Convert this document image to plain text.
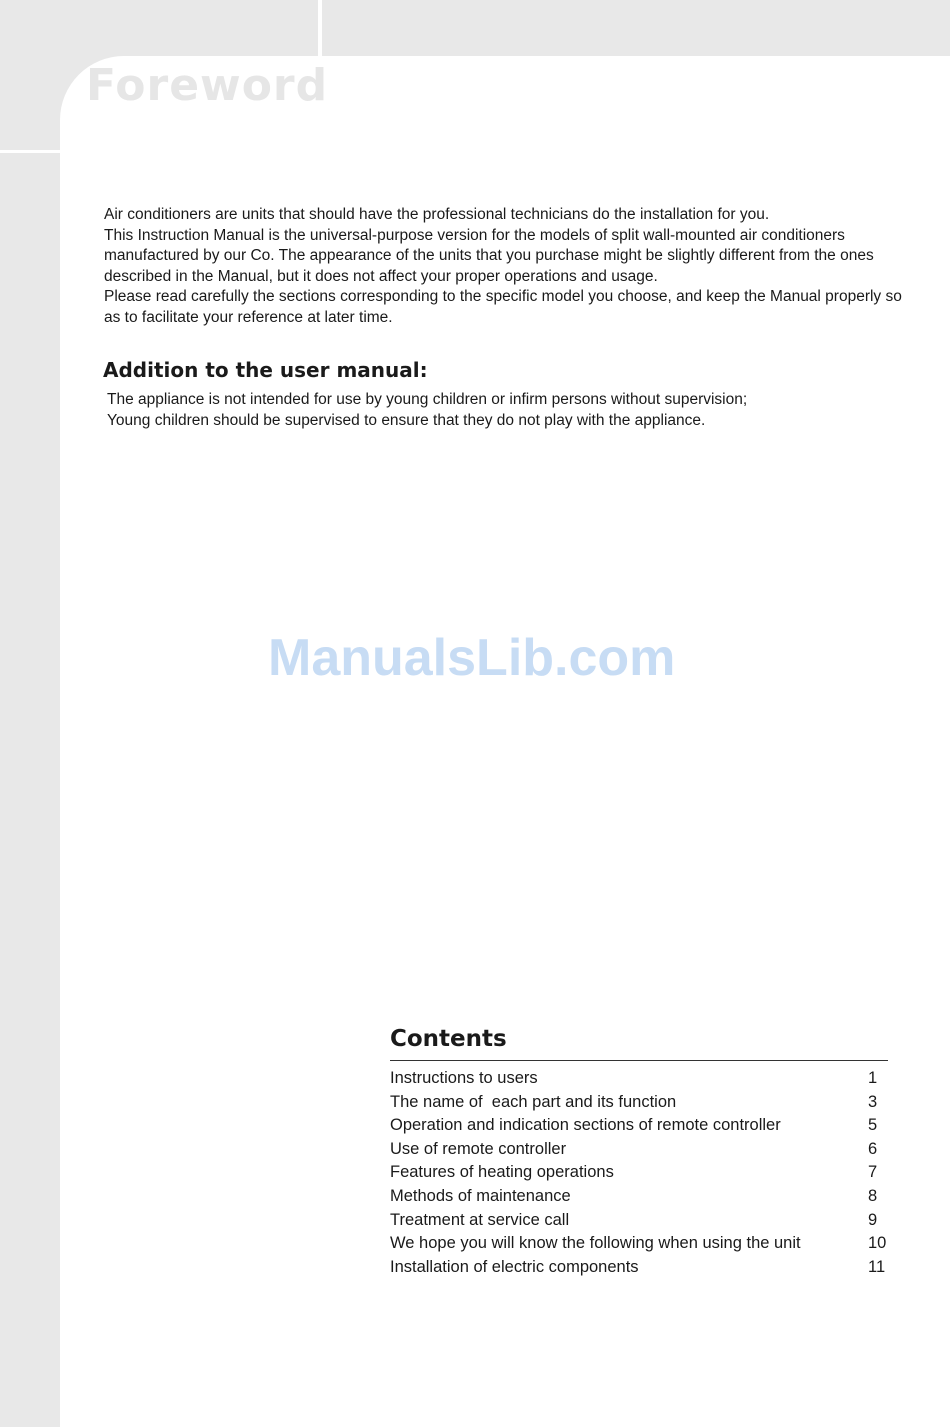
Foreword

Air conditioners are units that should have the professional technicians do the installation for you.

This Instruction Manual is the universal-purpose version for the models of split wall-mounted air conditioners manufactured by our Co. The appearance of the units that you purchase might be slightly different from the ones described in the Manual, but it does not affect your proper operations and usage.

Please read carefully the sections corresponding to the specific model you choose, and keep the Manual properly so as to facilitate your reference at later time.

Addition to the user manual:

The appliance is not intended for use by young children or infirm persons without supervision;

Young children should be supervised to ensure that they do not play with the appliance.

ManualsLib.com
Contents
Instructions to users	1
The name of  each part and its function	3
Operation and indication sections of remote controller	5
Use of remote controller	6
Features of heating operations	7
Methods of maintenance	8
Treatment at service call	9
We hope you will know the following when using the unit	10
Installation of electric components	11
